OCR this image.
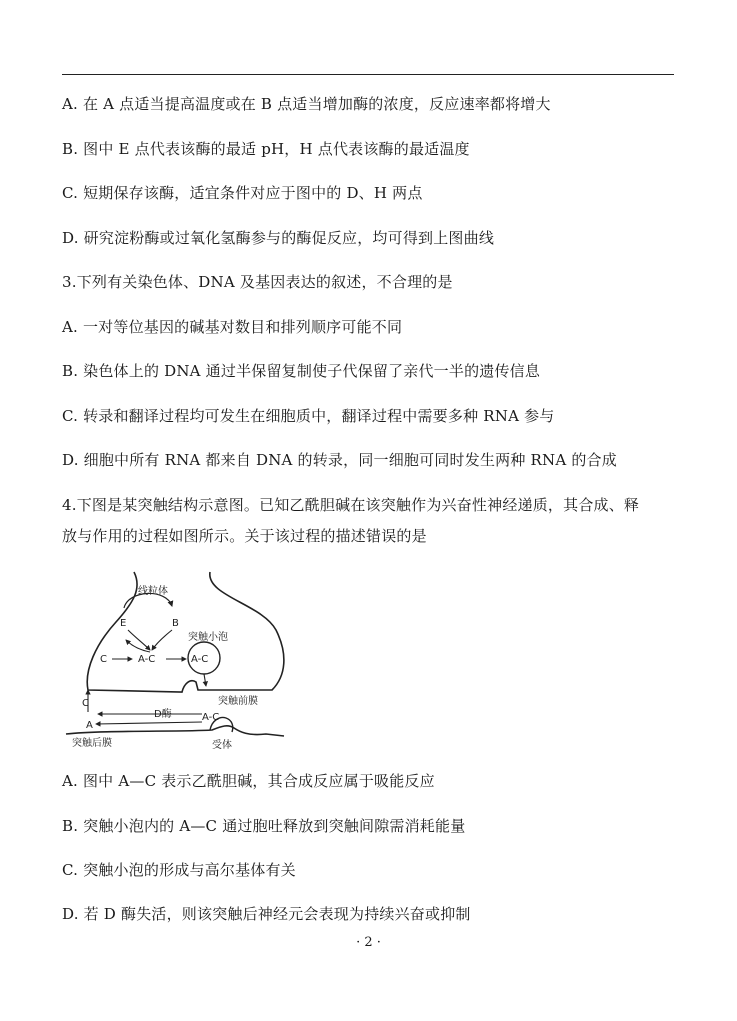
A. 在 A 点适当提高温度或在 B 点适当增加酶的浓度，反应速率都将增大
B. 图中 E 点代表该酶的最适 pH，H 点代表该酶的最适温度
C. 短期保存该酶，适宜条件对应于图中的 D、H 两点
D. 研究淀粉酶或过氧化氢酶参与的酶促反应，均可得到上图曲线
3.下列有关染色体、DNA 及基因表达的叙述，不合理的是
A. 一对等位基因的碱基对数目和排列顺序可能不同
B. 染色体上的 DNA 通过半保留复制使子代保留了亲代一半的遗传信息
C. 转录和翻译过程均可发生在细胞质中，翻译过程中需要多种 RNA 参与
D. 细胞中所有 RNA 都来自 DNA 的转录，同一细胞可同时发生两种 RNA 的合成
4.下图是某突触结构示意图。已知乙酰胆碱在该突触作为兴奋性神经递质，其合成、释
放与作用的过程如图所示。关于该过程的描述错误的是
线粒体
E	B
C	A-C	A-C
突触小泡
突触前膜
C
D酶
A
A-C
突触后膜	受体
A. 图中 A—C 表示乙酰胆碱，其合成反应属于吸能反应
B. 突触小泡内的 A—C 通过胞吐释放到突触间隙需消耗能量
C. 突触小泡的形成与高尔基体有关
D. 若 D 酶失活，则该突触后神经元会表现为持续兴奋或抑制
· 2 ·
